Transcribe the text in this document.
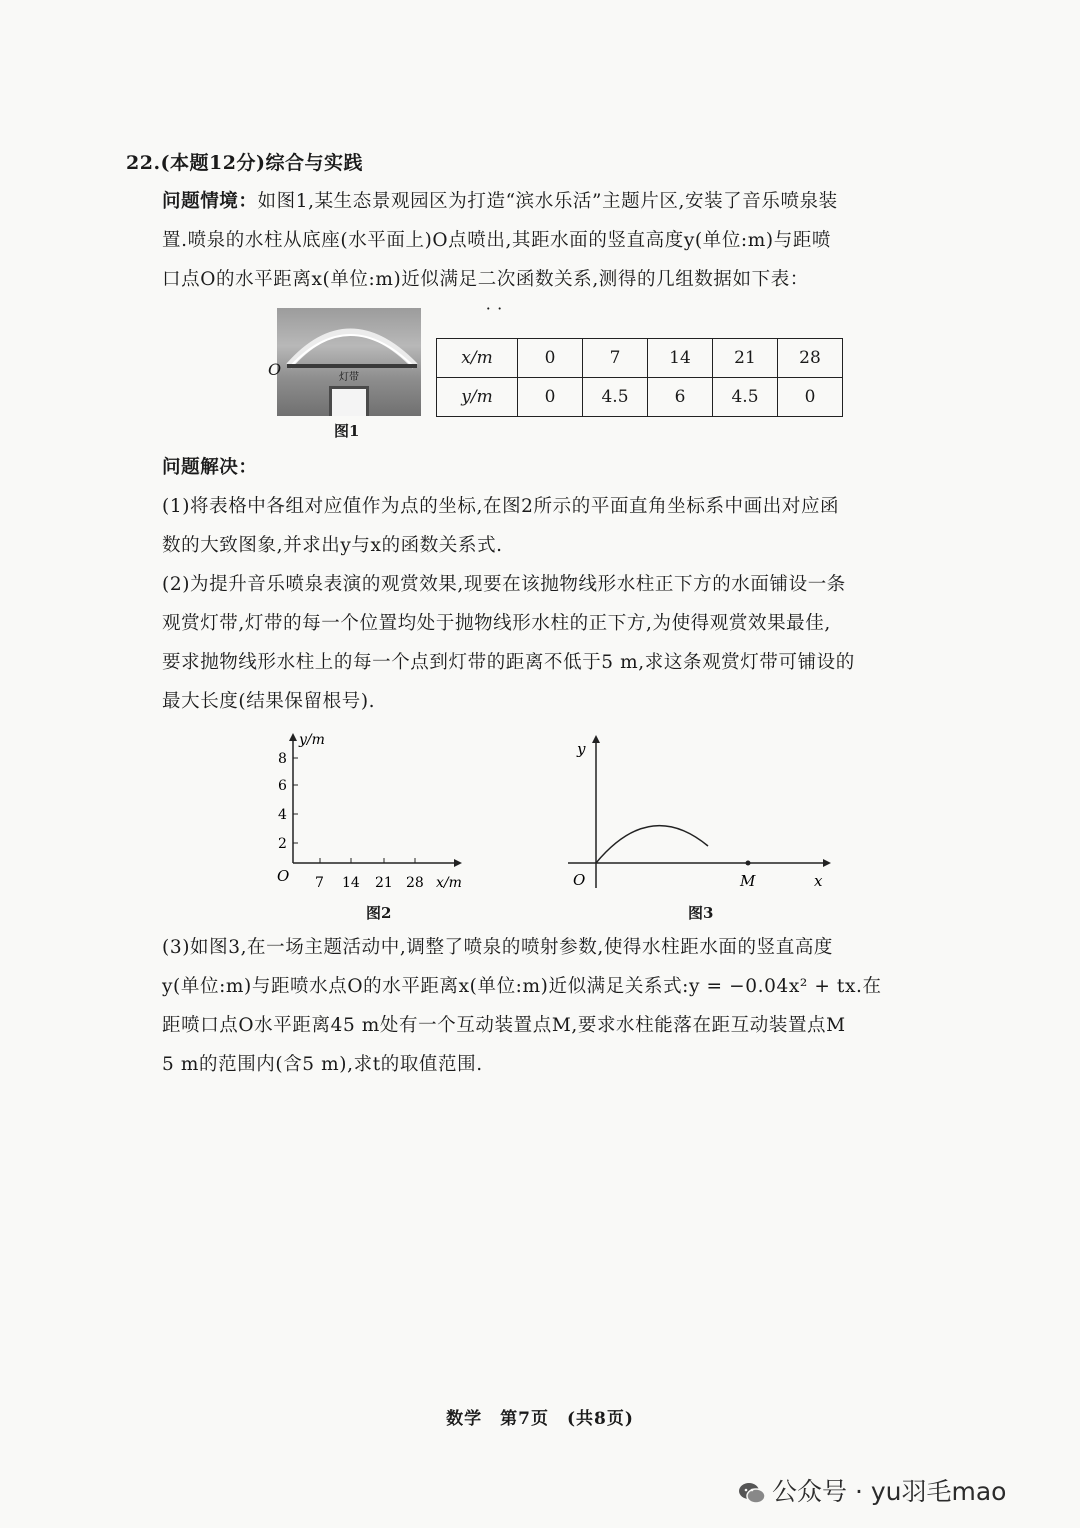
22.(本题12分)综合与实践

问题情境：如图1,某生态景观园区为打造“滨水乐活”主题片区,安装了音乐喷泉装

置.喷泉的水柱从底座(水平面上)O点喷出,其距水面的竖直高度y(单位:m)与距喷

口点O的水平距离x(单位:m)近似满足二次 · ·函数关系,测得的几组数据如下表：

灯带
O
图1
x/m	0	7	14	21	28
y/m	0	4.5	6	4.5	0

问题解决：

(1)将表格中各组对应值作为点的坐标,在图2所示的平面直角坐标系中画出对应函

数的大致图象,并求出y与x的函数关系式.

(2)为提升音乐喷泉表演的观赏效果,现要在该抛物线形水柱正下方的水面铺设一条

观赏灯带,灯带的每一个位置均处于抛物线形水柱的正下方,为使得观赏效果最佳,

要求抛物线形水柱上的每一个点到灯带的距离不低于5 m,求这条观赏灯带可铺设的

最大长度(结果保留根号).

y/m
2
4
6
8
O 7 14 21 28 x/m
图2
y
O	M	x
图3

(3)如图3,在一场主题活动中,调整了喷泉的喷射参数,使得水柱距水面的竖直高度

y(单位:m)与距喷水点O的水平距离x(单位:m)近似满足关系式:y = −0.04x² + tx.在

距喷口点O水平距离45 m处有一个互动装置点M,要求水柱能落在距互动装置点M

5 m的范围内(含5 m),求t的取值范围.

数学　第7页　(共8页)
公众号 · yu羽毛mao
